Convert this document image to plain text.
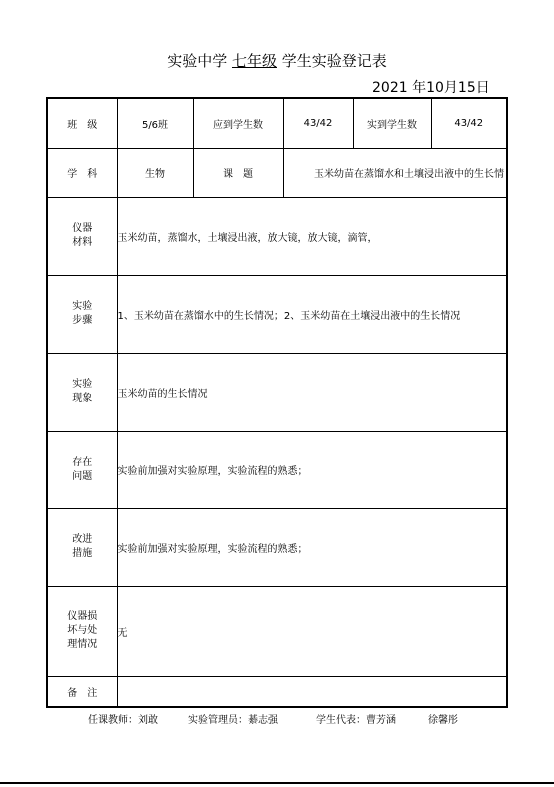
实验中学 七年级 学生实验登记表
2021 年10月15日
班　级	5/6班	应到学生数	43/42	实到学生数	43/42
学　科	生物	课　题	玉米幼苗在蒸馏水和土壤浸出液中的生长情		
仪器
材料	玉米幼苗，蒸馏水，土壤浸出液，放大镜，放大镜，滴管，				
实验
步骤	1、玉米幼苗在蒸馏水中的生长情况；2、玉米幼苗在土壤浸出液中的生长情况				
实验
现象	玉米幼苗的生长情况				
存在
问题	实验前加强对实验原理，实验流程的熟悉；				
改进
措施	实验前加强对实验原理，实验流程的熟悉；				
仪器损
坏与处
理情况	无				
备　注					
任课教师：刘敢	实验管理员：綦志强	学生代表：曹芳涵	徐馨彤
